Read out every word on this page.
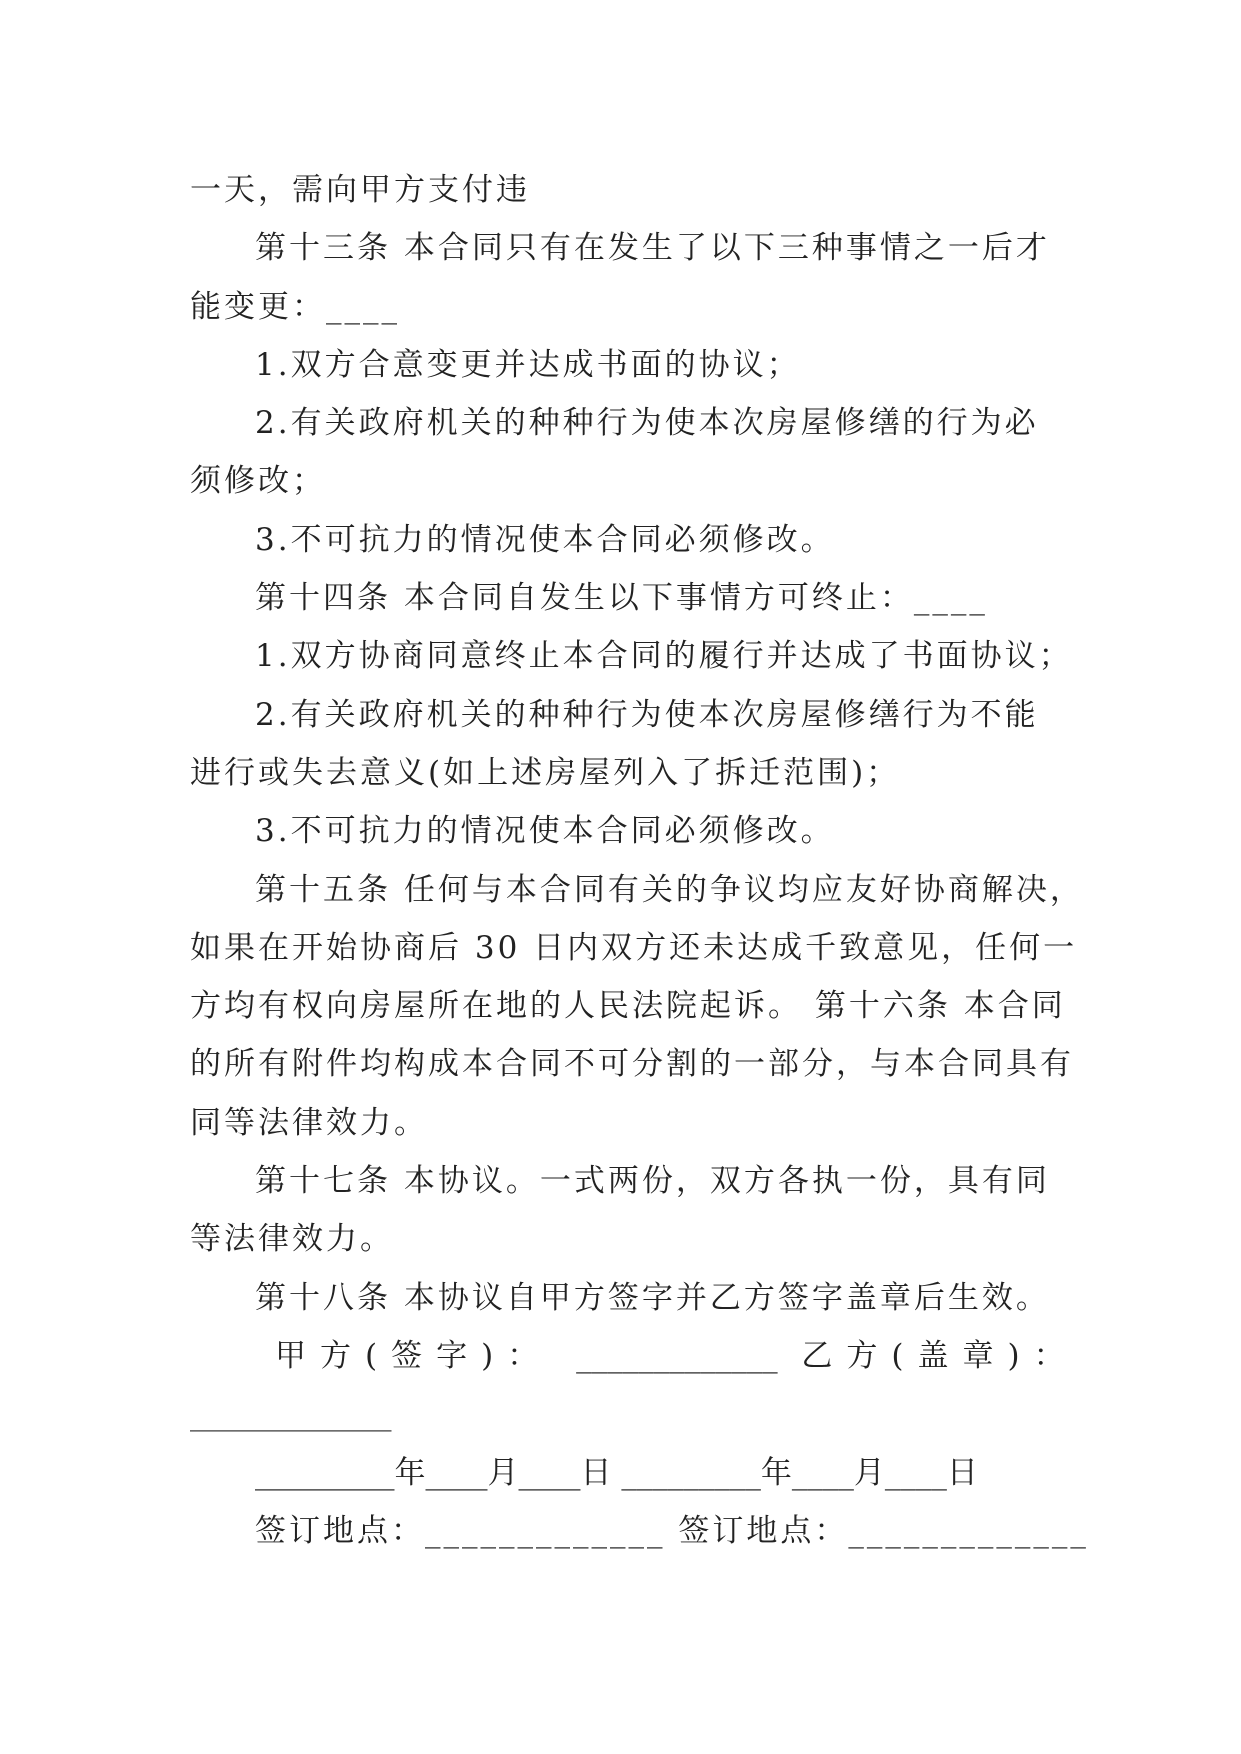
一天，需向甲方支付违
第十三条 本合同只有在发生了以下三种事情之一后才
能变更：____
1.双方合意变更并达成书面的协议；
2.有关政府机关的种种行为使本次房屋修缮的行为必
须修改；
3.不可抗力的情况使本合同必须修改。
第十四条 本合同自发生以下事情方可终止：____
1.双方协商同意终止本合同的履行并达成了书面协议；
2.有关政府机关的种种行为使本次房屋修缮行为不能
进行或失去意义(如上述房屋列入了拆迁范围)；
3.不可抗力的情况使本合同必须修改。
第十五条 任何与本合同有关的争议均应友好协商解决，
如果在开始协商后 30 日内双方还未达成千致意见，任何一
方均有权向房屋所在地的人民法院起诉。 第十六条 本合同
的所有附件均构成本合同不可分割的一部分，与本合同具有
同等法律效力。
第十七条 本协议。一式两份，双方各执一份，具有同
等法律效力。
第十八条 本协议自甲方签字并乙方签字盖章后生效。
甲方(签字)： _____________ 乙方(盖章)：
_____________
_________年____月____日 _________年____月____日
签订地点：_____________ 签订地点：_____________
